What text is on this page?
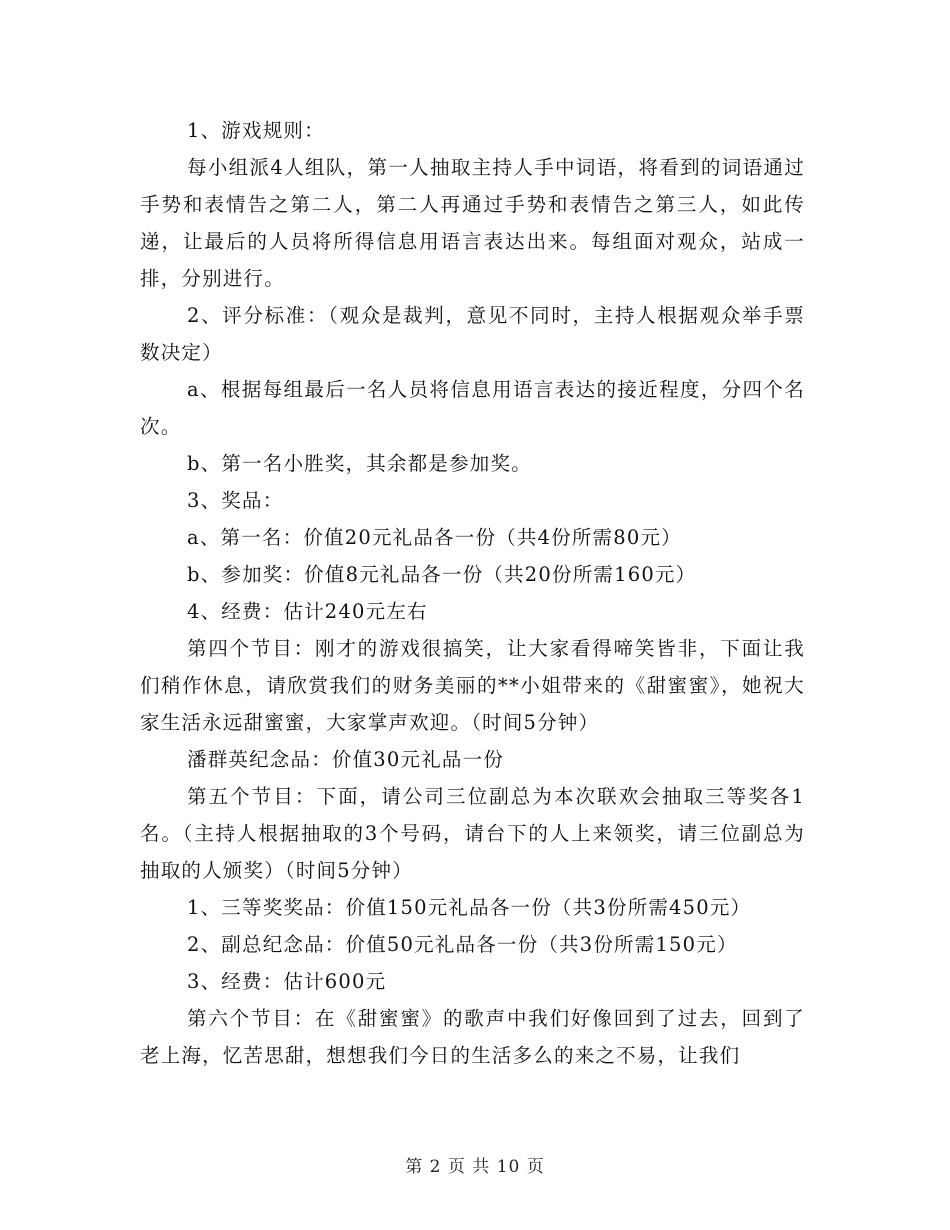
1、游戏规则：

每小组派4人组队，第一人抽取主持人手中词语，将看到的词语通过手势和表情告之第二人，第二人再通过手势和表情告之第三人，如此传递，让最后的人员将所得信息用语言表达出来。每组面对观众，站成一排，分别进行。

2、评分标准：（观众是裁判，意见不同时，主持人根据观众举手票数决定）

a、根据每组最后一名人员将信息用语言表达的接近程度，分四个名次。

b、第一名小胜奖，其余都是参加奖。

3、奖品：

a、第一名：价值20元礼品各一份（共4份所需80元）

b、参加奖：价值8元礼品各一份（共20份所需160元）

4、经费：估计240元左右

第四个节目：刚才的游戏很搞笑，让大家看得啼笑皆非，下面让我们稍作休息，请欣赏我们的财务美丽的**小姐带来的《甜蜜蜜》，她祝大家生活永远甜蜜蜜，大家掌声欢迎。（时间5分钟）

潘群英纪念品：价值30元礼品一份

第五个节目：下面，请公司三位副总为本次联欢会抽取三等奖各1名。（主持人根据抽取的3个号码，请台下的人上来领奖，请三位副总为抽取的人颁奖）（时间5分钟）

1、三等奖奖品：价值150元礼品各一份（共3份所需450元）

2、副总纪念品：价值50元礼品各一份（共3份所需150元）

3、经费：估计600元

第六个节目：在《甜蜜蜜》的歌声中我们好像回到了过去，回到了老上海，忆苦思甜，想想我们今日的生活多么的来之不易，让我们

第 2 页 共 10 页
